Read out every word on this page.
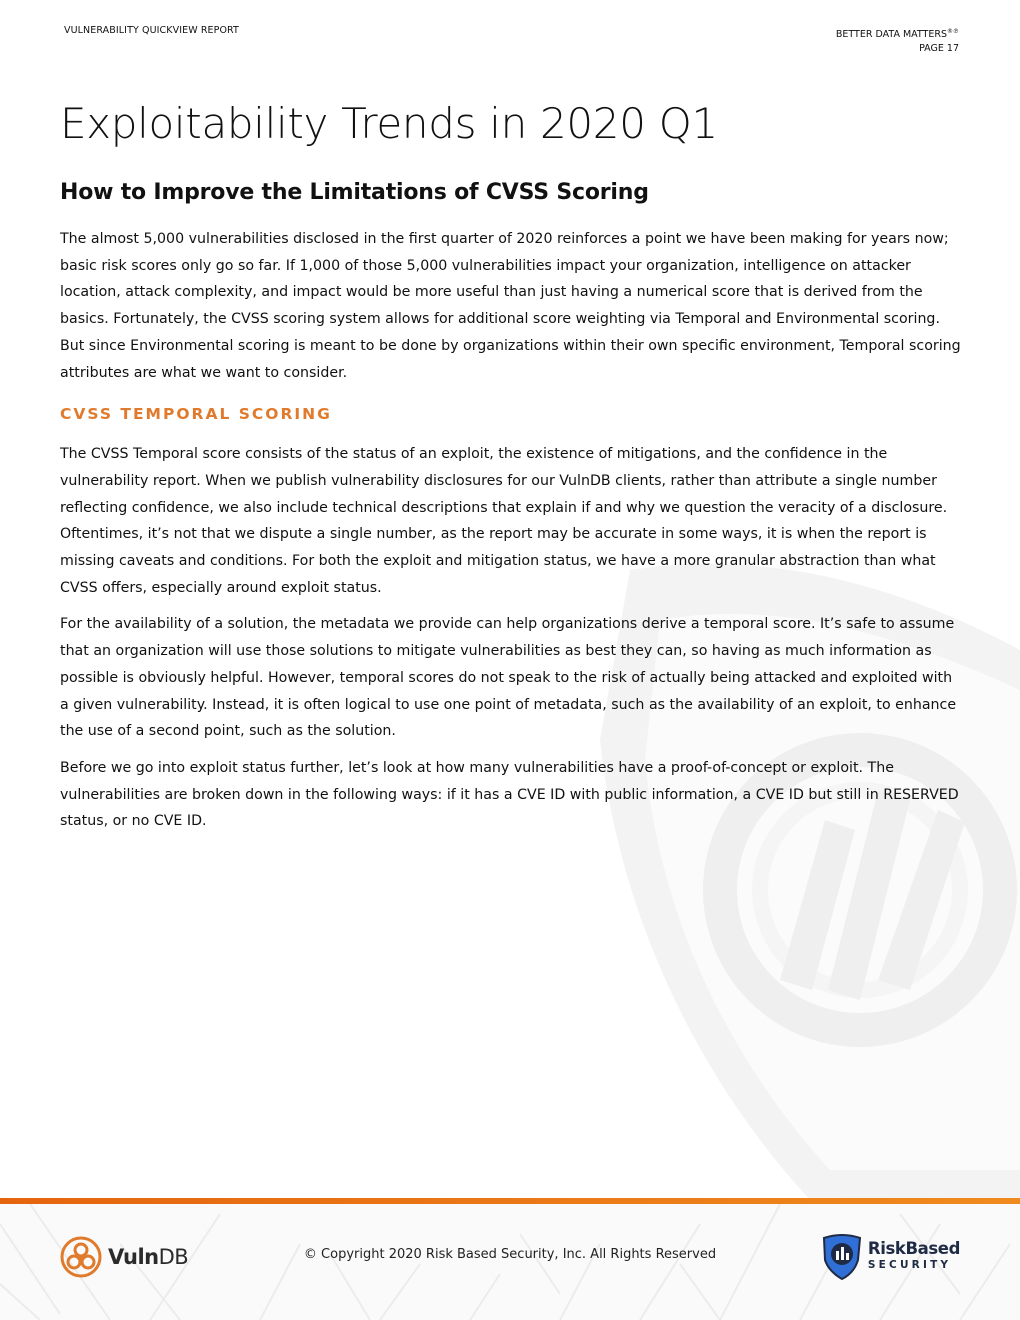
VULNERABILITY QUICKVIEW REPORT	BETTER DATA MATTERS®℗
PAGE 17
Exploitability Trends in 2020 Q1
How to Improve the Limitations of CVSS Scoring

The almost 5,000 vulnerabilities disclosed in the first quarter of 2020 reinforces a point we have been making for years now; basic risk scores only go so far. If 1,000 of those 5,000 vulnerabilities impact your organization, intelligence on attacker location, attack complexity, and impact would be more useful than just having a numerical score that is derived from the basics. Fortunately, the CVSS scoring system allows for additional score weighting via Temporal and Environmental scoring. But since Environmental scoring is meant to be done by organizations within their own specific environment, Temporal scoring attributes are what we want to consider.

CVSS TEMPORAL SCORING

The CVSS Temporal score consists of the status of an exploit, the existence of mitigations, and the confidence in the vulnerability report. When we publish vulnerability disclosures for our VulnDB clients, rather than attribute a single number reflecting confidence, we also include technical descriptions that explain if and why we question the veracity of a disclosure. Oftentimes, it’s not that we dispute a single number, as the report may be accurate in some ways, it is when the report is missing caveats and conditions. For both the exploit and mitigation status, we have a more granular abstraction than what CVSS offers, especially around exploit status.

For the availability of a solution, the metadata we provide can help organizations derive a temporal score. It’s safe to assume that an organization will use those solutions to mitigate vulnerabilities as best they can, so having as much information as possible is obviously helpful. However, temporal scores do not speak to the risk of actually being attacked and exploited with a given vulnerability. Instead, it is often logical to use one point of metadata, such as the availability of an exploit, to enhance the use of a second point, such as the solution.

Before we go into exploit status further, let’s look at how many vulnerabilities have a proof-of-concept or exploit. The vulnerabilities are broken down in the following ways: if it has a CVE ID with public information, a CVE ID but still in RESERVED status, or no CVE ID.

VulnDB	© Copyright 2020 Risk Based Security, Inc. All Rights Reserved	RiskBased
SECURITY
